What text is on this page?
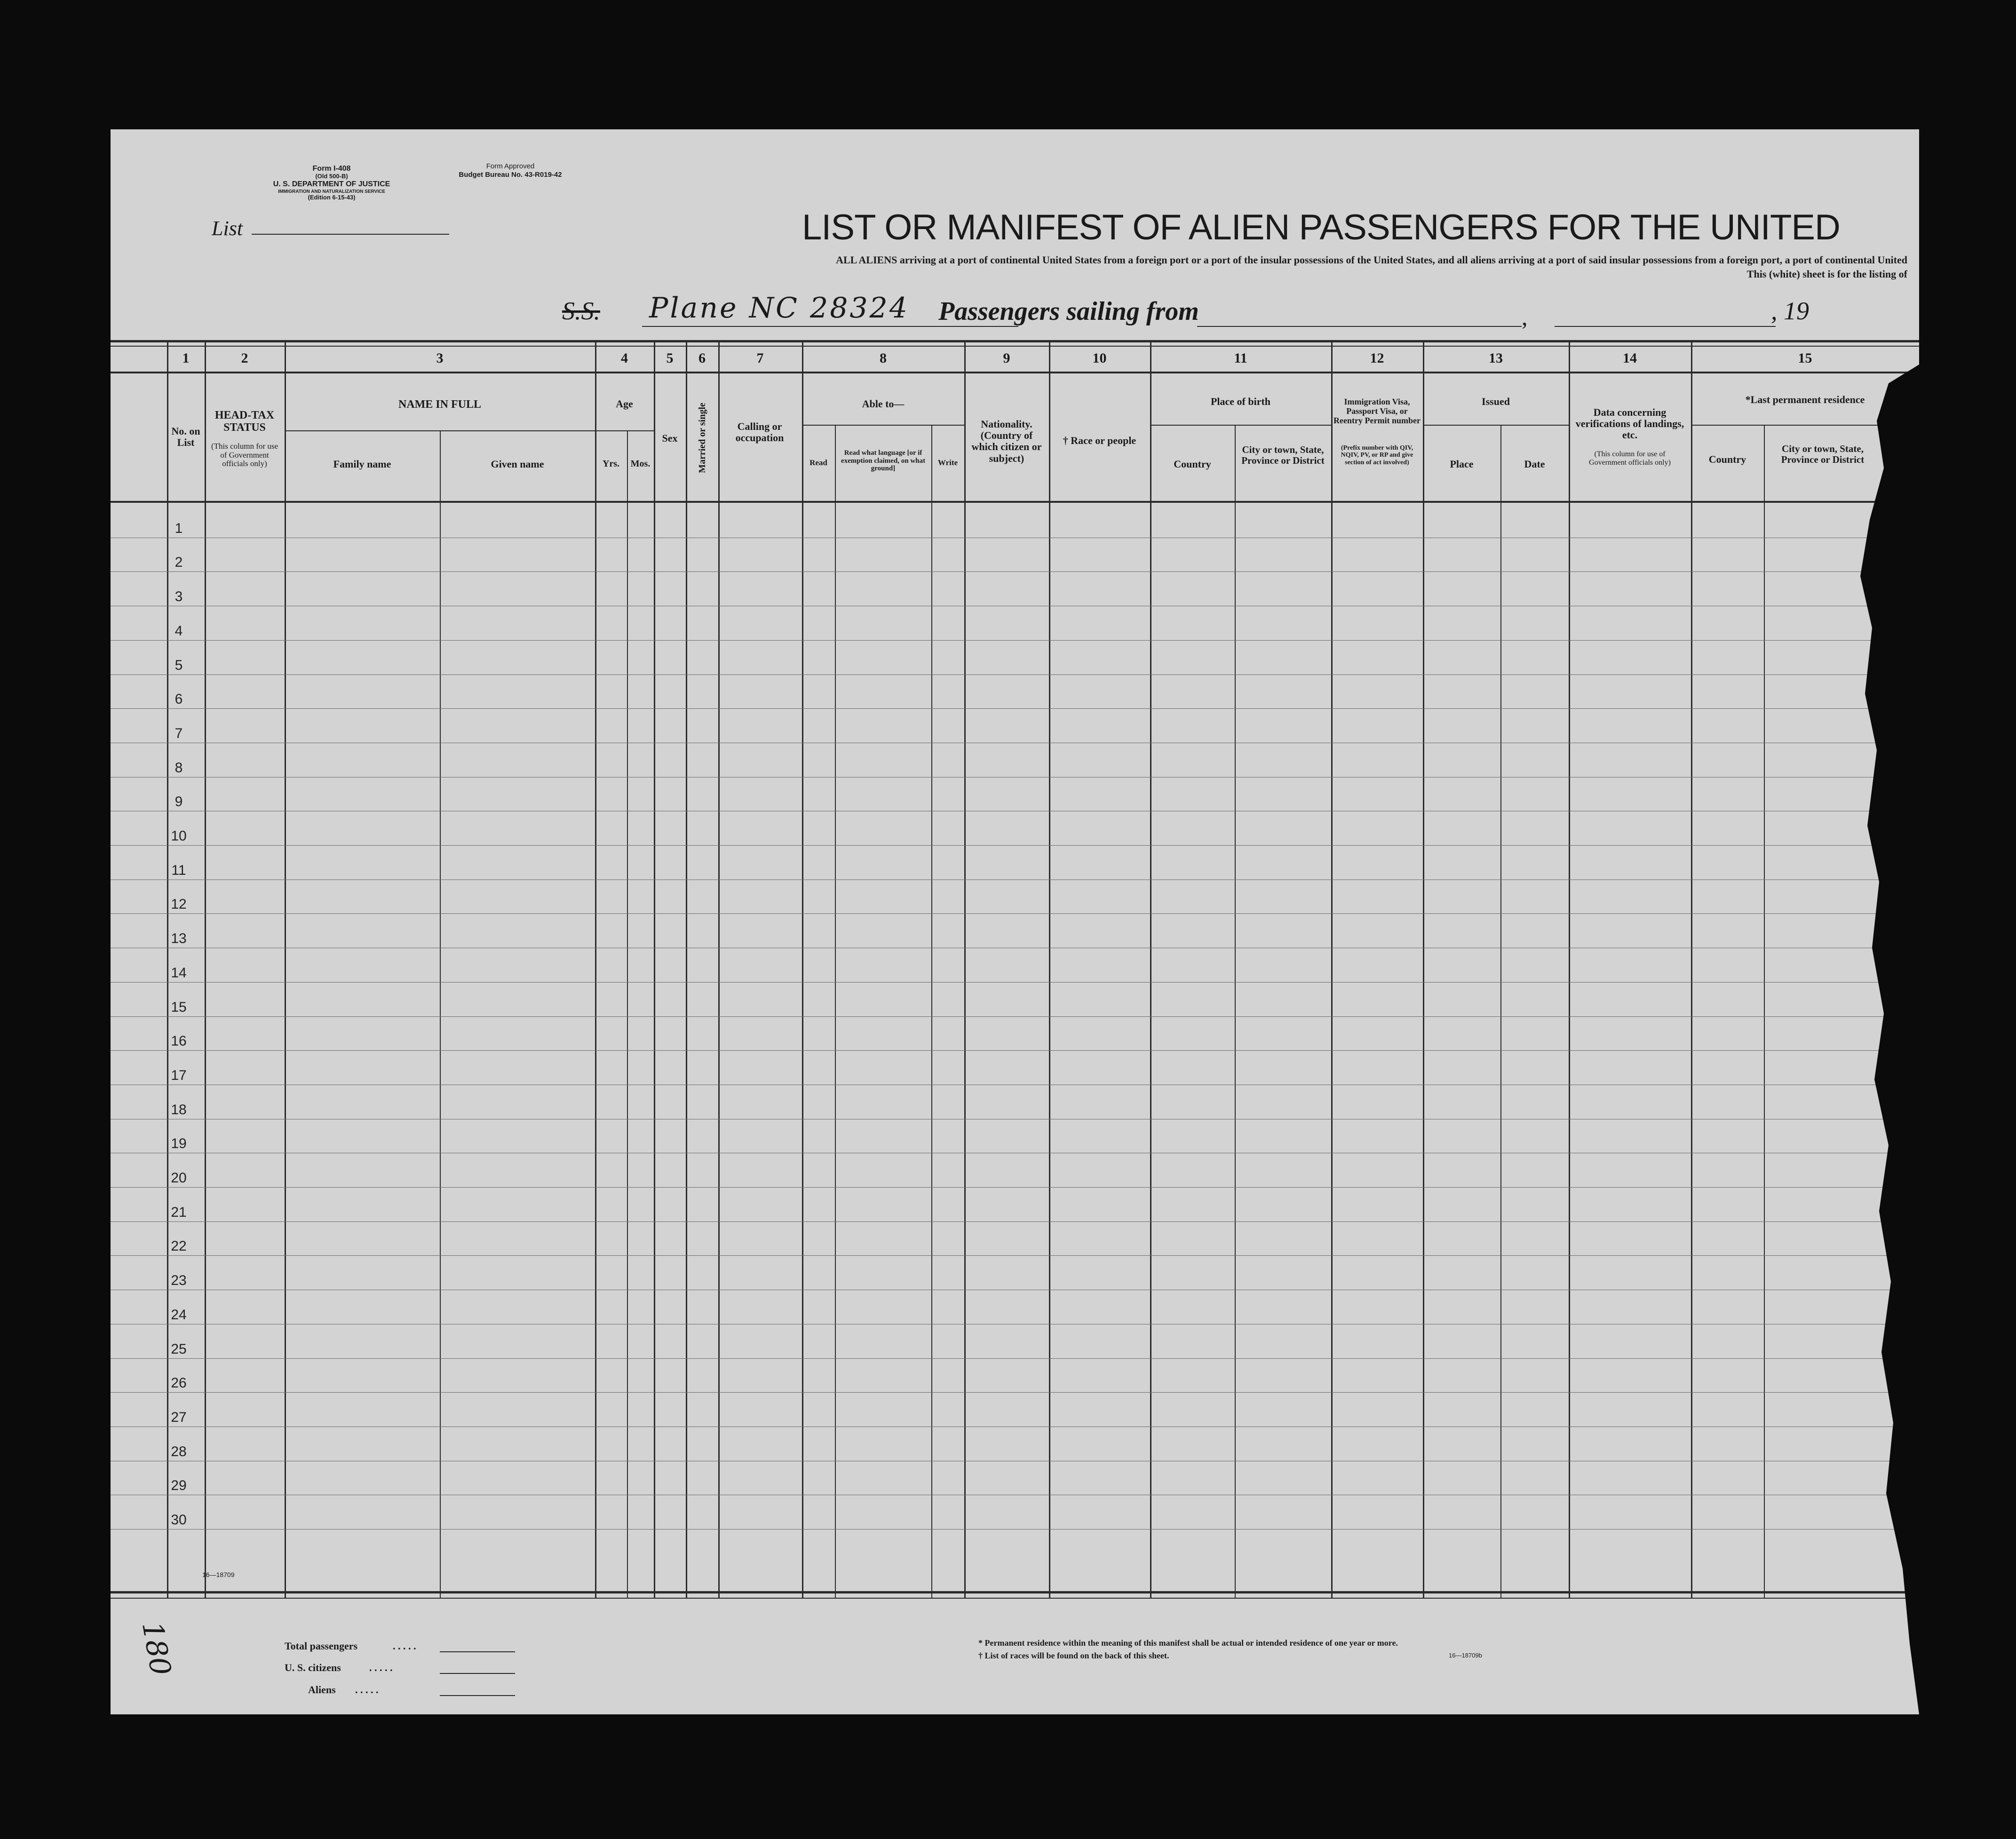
Form I-408
(Old 500-B)
U. S. DEPARTMENT OF JUSTICE
IMMIGRATION AND NATURALIZATION SERVICE
(Edition 6-15-43)
Form Approved
Budget Bureau No. 43-R019-42
List	LIST OR MANIFEST OF ALIEN PASSENGERS FOR THE UNITED
ALL ALIENS arriving at a port of continental United States from a foreign port or a port of the insular possessions of the United States, and all aliens arriving at a port of said insular possessions from a foreign port, a port of continental United
This (white) sheet is for the listing of
S.S. Plane NC 28324 Passengers sailing from	,	, 19
1	2	3	4	5	6	7	8	9	10	11	12	13	14	15
No. on List
HEAD-TAX STATUS
(This column for use of Government officials only)
NAME IN FULL
Family name	Given name
Age
Yrs.	Mos.
Sex	Married or single	Calling or occupation
Able to—
Read
Read what language [or if exemption claimed, on what ground]
Write
Nationality. (Country of which citizen or subject)
† Race or people
Place of birth
Country
City or town, State, Province or District
Immigration Visa, Passport Visa, or Reentry Permit number
(Prefix number with QIV, NQIV, PV, or RP and give section of act involved)
Issued
Place	Date
Data concerning verifications of landings, etc.
(This column for use of Government officials only)
*Last permanent residence
Country
City or town, State, Province or District
1
2
3
4
5
6
7
8
9
10
11
12
13
14
15
16
17
18
19
20
21
22
23
24
25
26
27
28
29
30
16—18709
180	Total passengers	. . . . .
U. S. citizens	. . . . .
Aliens . . . . .
* Permanent residence within the meaning of this manifest shall be actual or intended residence of one year or more.
† List of races will be found on the back of this sheet.	16—18709b
